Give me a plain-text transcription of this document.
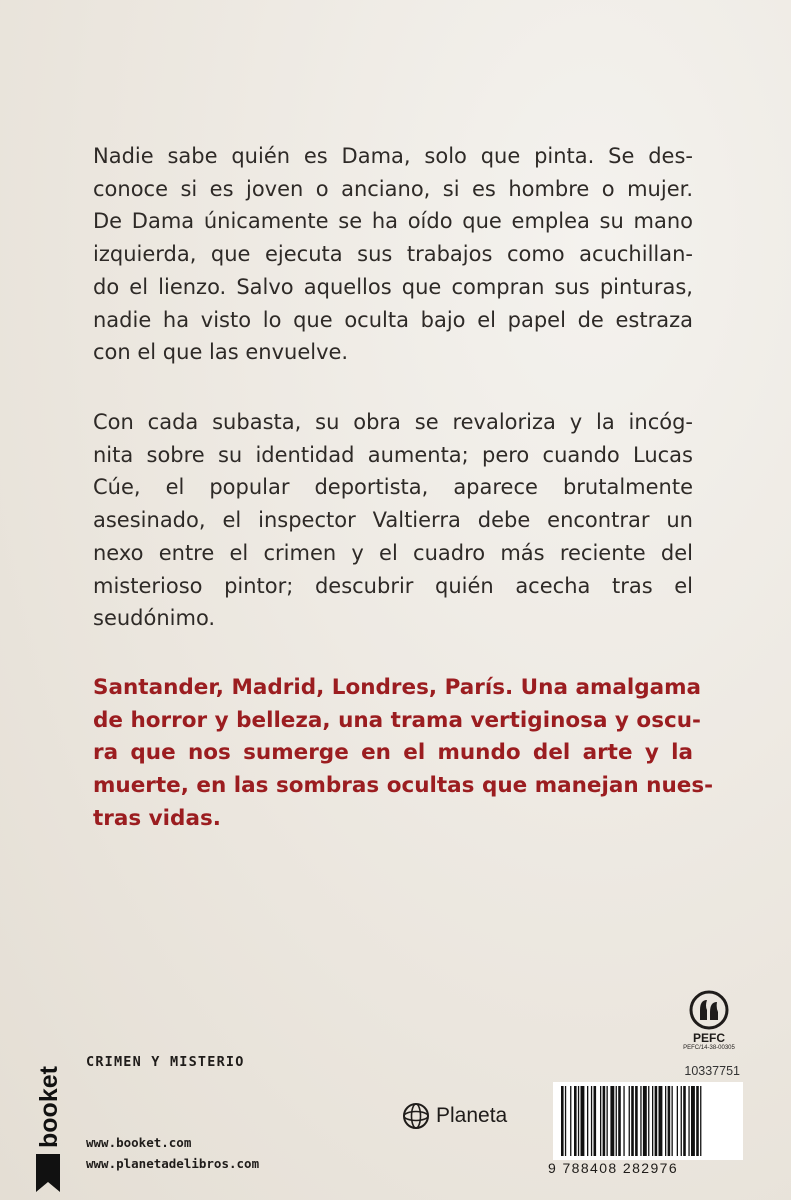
Nadie sabe quién es Dama, solo que pinta. Se des-
conoce si es joven o anciano, si es hombre o mujer.
De Dama únicamente se ha oído que emplea su mano
izquierda, que ejecuta sus trabajos como acuchillan-
do el lienzo. Salvo aquellos que compran sus pinturas,
nadie ha visto lo que oculta bajo el papel de estraza
con el que las envuelve.
Con cada subasta, su obra se revaloriza y la incóg-
nita sobre su identidad aumenta; pero cuando Lucas
Cúe, el popular deportista, aparece brutalmente
asesinado, el inspector Valtierra debe encontrar un
nexo entre el crimen y el cuadro más reciente del
misterioso pintor; descubrir quién acecha tras el
seudónimo.
Santander, Madrid, Londres, París. Una amalgama
de horror y belleza, una trama vertiginosa y oscu-
ra que nos sumerge en el mundo del arte y la
muerte, en las sombras ocultas que manejan nues-
tras vidas.
booket
CRIMEN Y MISTERIO
www.booket.com
www.planetadelibros.com
Planeta
PEFC
PEFC/14-38-00305
10337751
9 788408 282976
